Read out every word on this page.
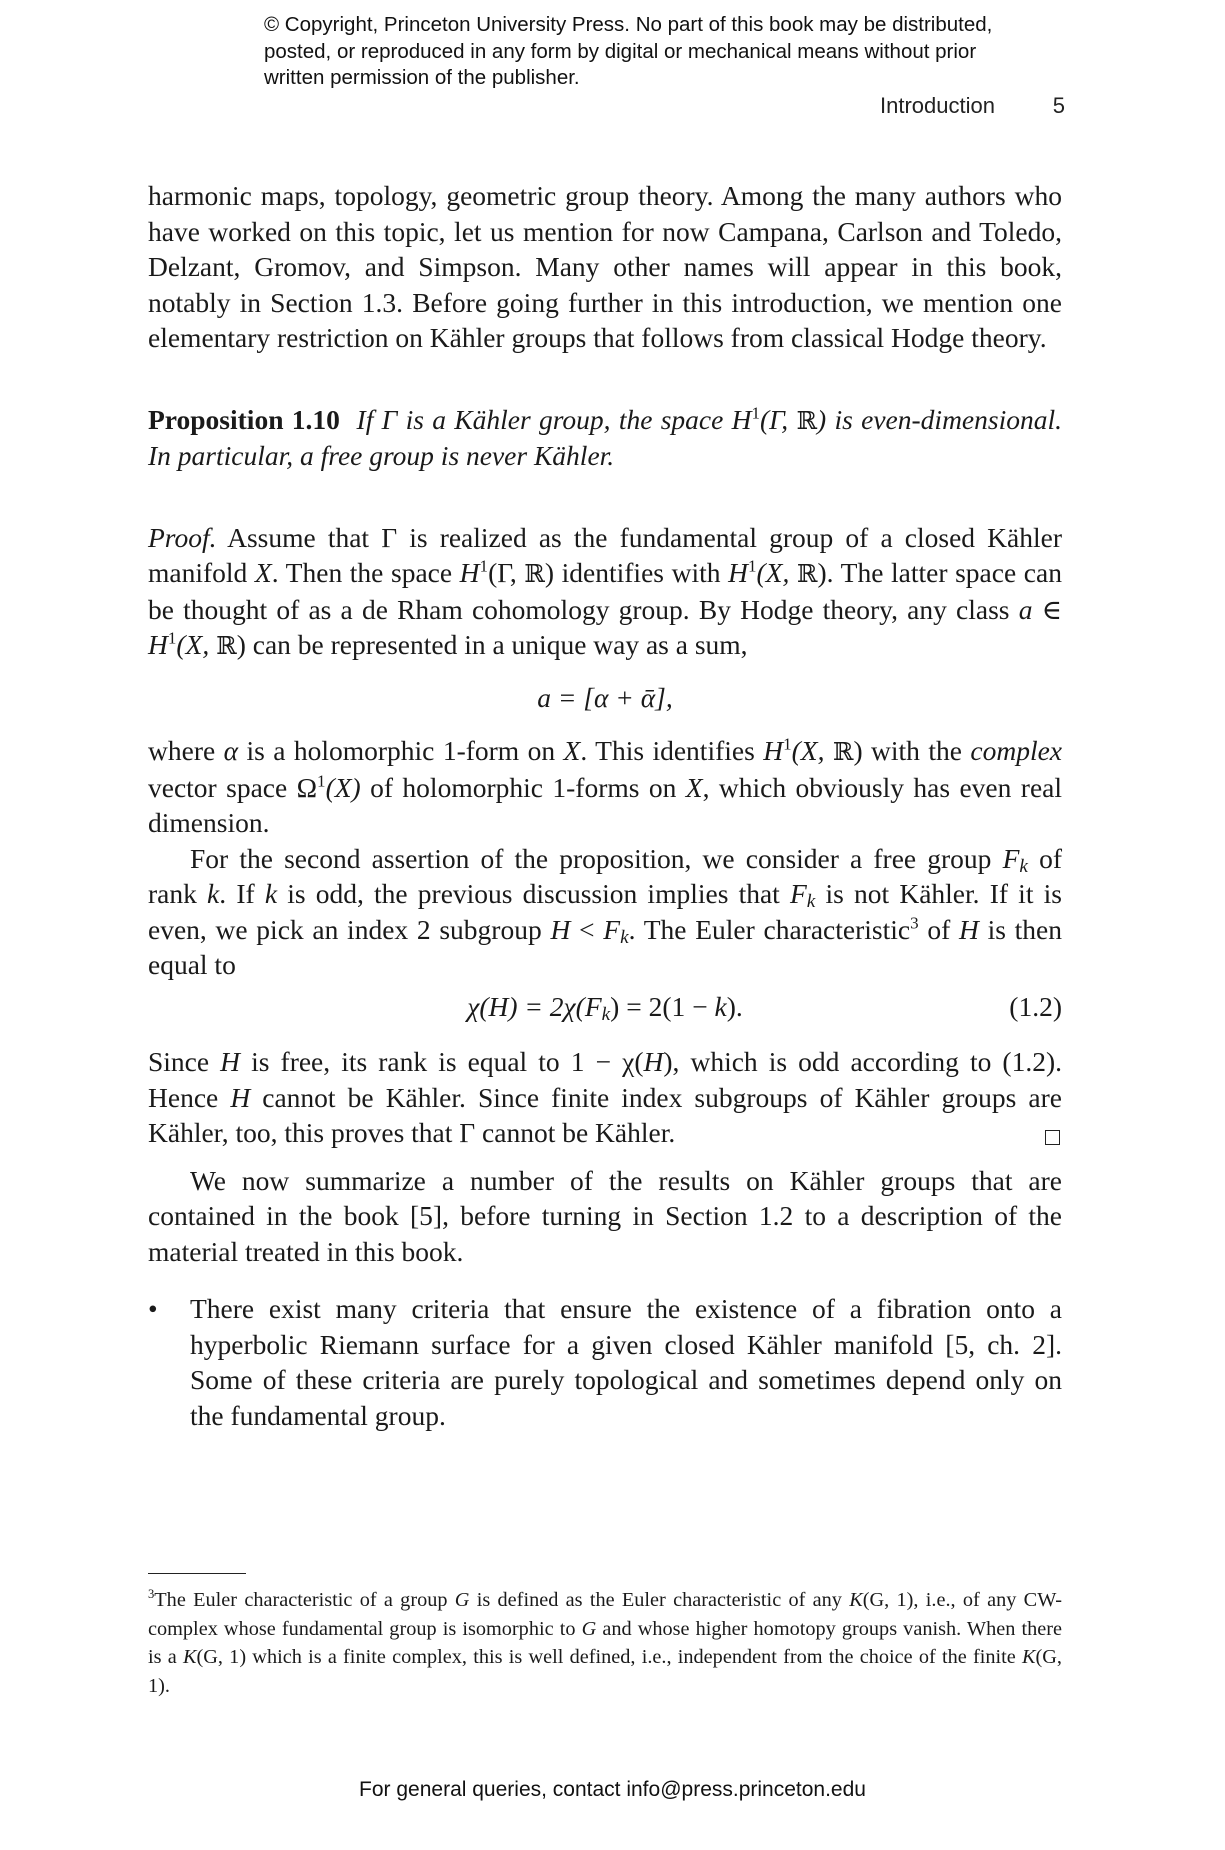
© Copyright, Princeton University Press. No part of this book may be distributed, posted, or reproduced in any form by digital or mechanical means without prior written permission of the publisher.
Introduction	5

harmonic maps, topology, geometric group theory. Among the many authors who have worked on this topic, let us mention for now Campana, Carlson and Toledo, Delzant, Gromov, and Simpson. Many other names will appear in this book, notably in Section 1.3. Before going further in this introduction, we mention one elementary restriction on Kähler groups that follows from classical Hodge theory.

Proposition 1.10 If Γ is a Kähler group, the space $H^1(\Gamma$, ℝ) is even-dimensional. In particular, a free group is never Kähler.

Proof. Assume that Γ is realized as the fundamental group of a closed Kähler manifold X. Then the space $H^1(\Gamma$, ℝ) identifies with $H^1(X$, ℝ). The latter space can be thought of as a de Rham cohomology group. By Hodge theory, any class a ∈ $H^1(X$, ℝ) can be represented in a unique way as a sum,

a = [α + ᾱ],

where α is a holomorphic 1-form on X. This identifies $H^1(X$, ℝ) with the complex vector space $\Omega^1(X)$ of holomorphic 1-forms on X, which obviously has even real dimension.

For the second assertion of the proposition, we consider a free group $F_k$ of rank k. If k is odd, the previous discussion implies that $F_k$ is not Kähler. If it is even, we pick an index 2 subgroup $H < F_k$. The Euler characteristic$^3$ of H is then equal to

$\chi(H) = 2\chi(F_k) = 2(1 - k)$.	(1.2)

Since H is free, its rank is equal to 1 − χ(H), which is odd according to (1.2). Hence H cannot be Kähler. Since finite index subgroups of Kähler groups are Kähler, too, this proves that Γ cannot be Kähler.

We now summarize a number of the results on Kähler groups that are contained in the book [5], before turning in Section 1.2 to a description of the material treated in this book.

• There exist many criteria that ensure the existence of a fibration onto a hyperbolic Riemann surface for a given closed Kähler manifold [5, ch. 2]. Some of these criteria are purely topological and sometimes depend only on the fundamental group.

$^3$The Euler characteristic of a group G is defined as the Euler characteristic of any K(G, 1), i.e., of any CW-complex whose fundamental group is isomorphic to G and whose higher homotopy groups vanish. When there is a K(G, 1) which is a finite complex, this is well defined, i.e., independent from the choice of the finite K(G, 1).
For general queries, contact info@press.princeton.edu
